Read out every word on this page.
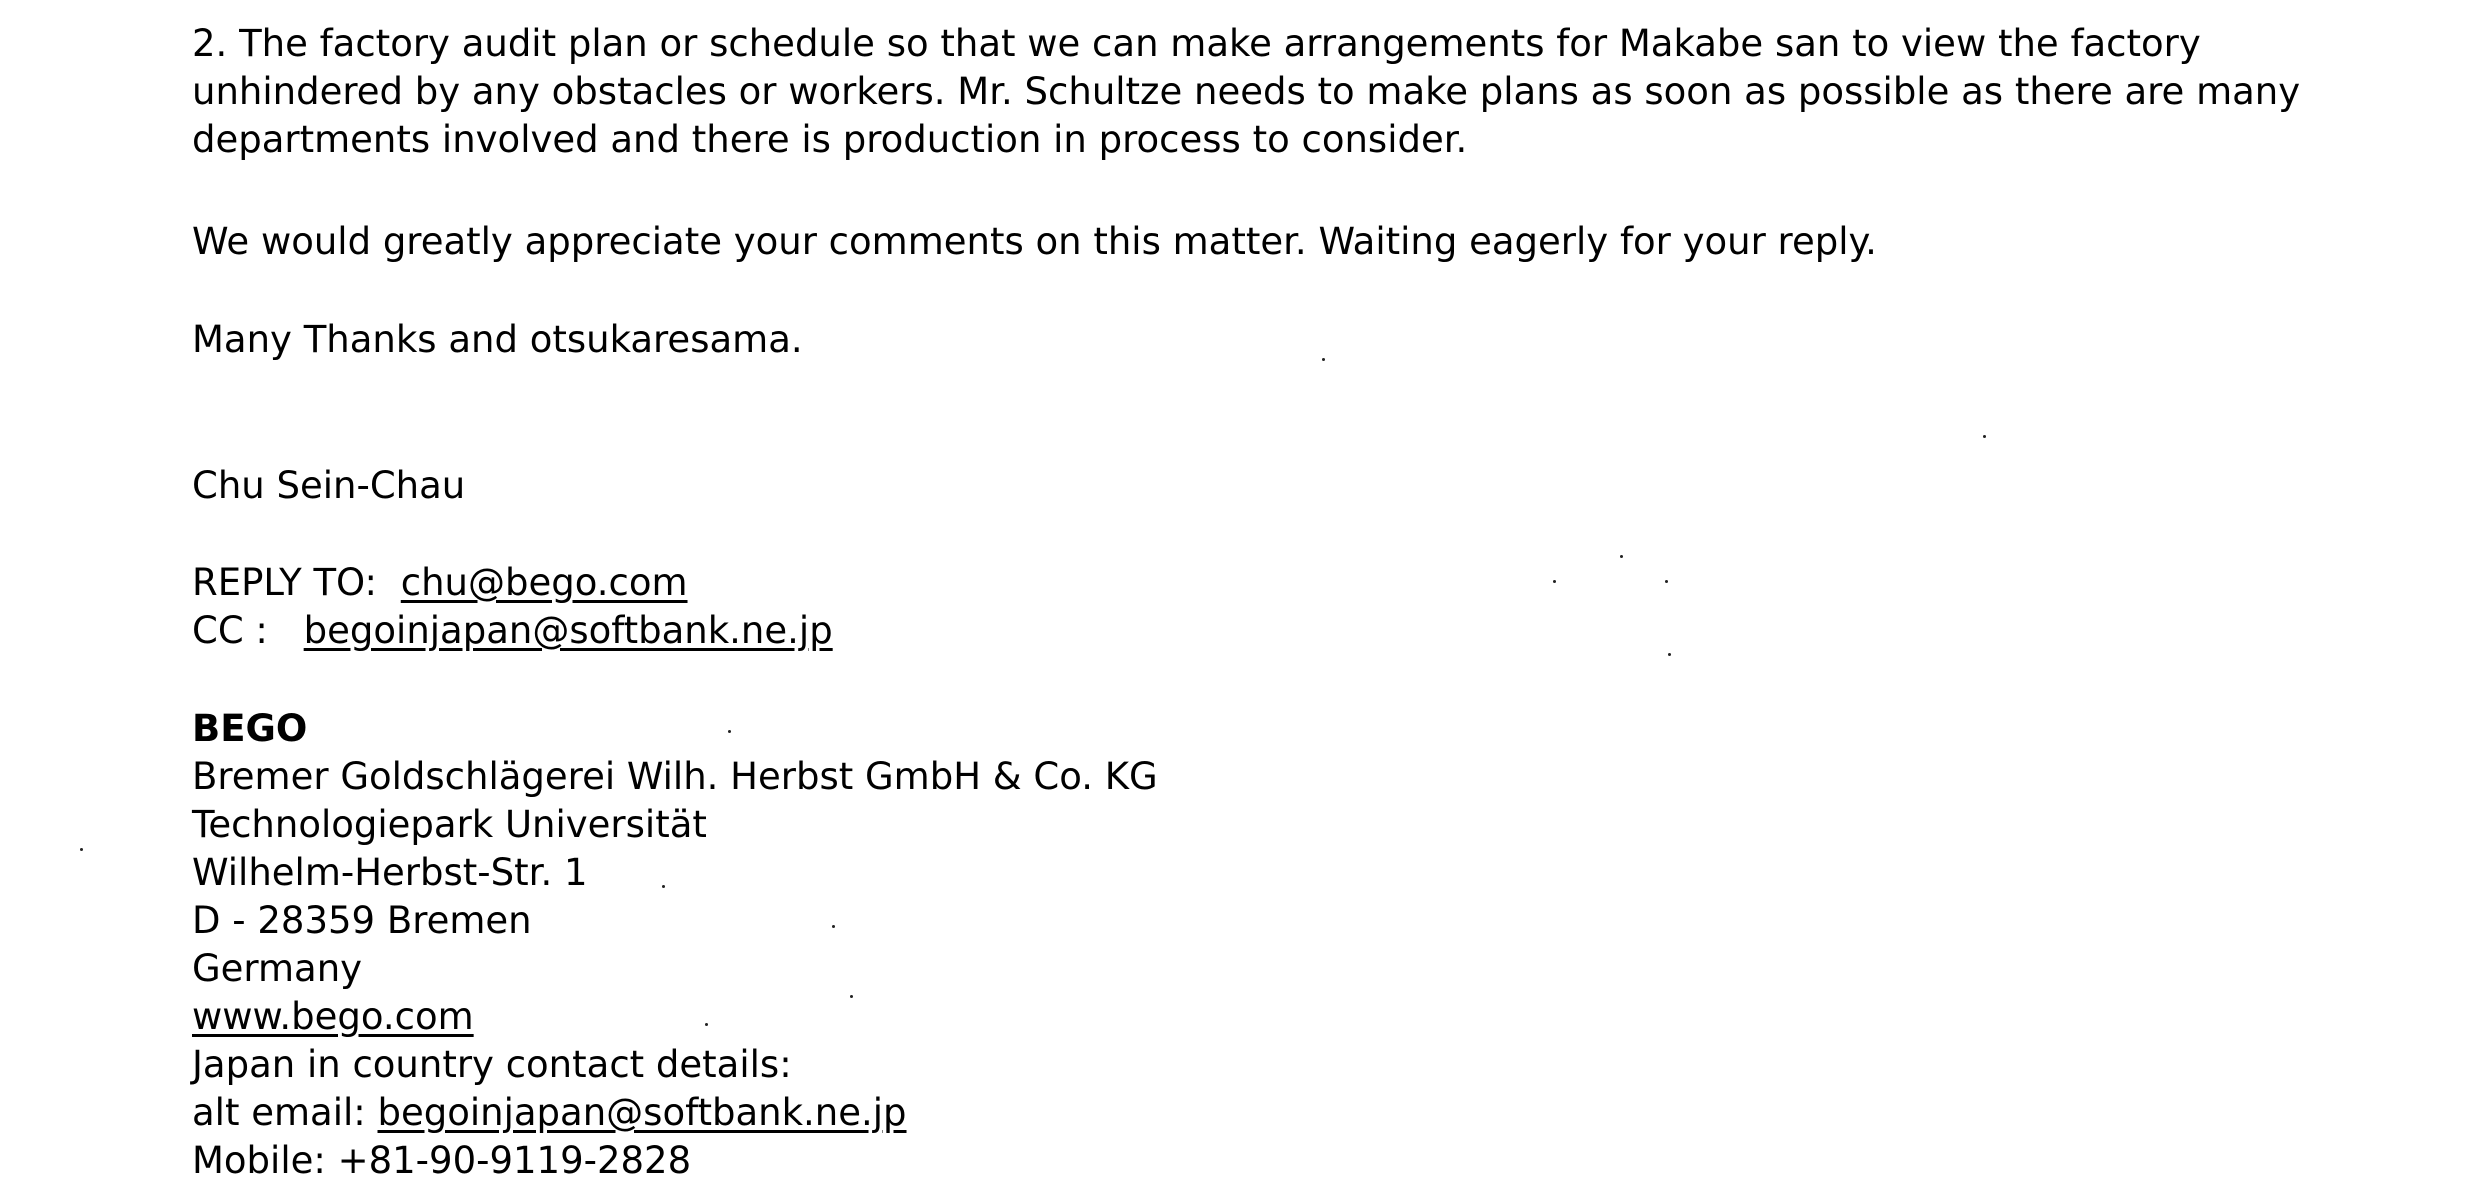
2. The factory audit plan or schedule so that we can make arrangements for Makabe san to view the factory
unhindered by any obstacles or workers. Mr. Schultze needs to make plans as soon as possible as there are many
departments involved and there is production in process to consider.
We would greatly appreciate your comments on this matter. Waiting eagerly for your reply.
Many Thanks and otsukaresama.
Chu Sein-Chau
REPLY TO: chu@bego.com
CC : begoinjapan@softbank.ne.jp
BEGO
Bremer Goldschlägerei Wilh. Herbst GmbH & Co. KG
Technologiepark Universität
Wilhelm-Herbst-Str. 1
D - 28359 Bremen
Germany
www.bego.com
Japan in country contact details:
alt email: begoinjapan@softbank.ne.jp
Mobile: +81-90-9119-2828
